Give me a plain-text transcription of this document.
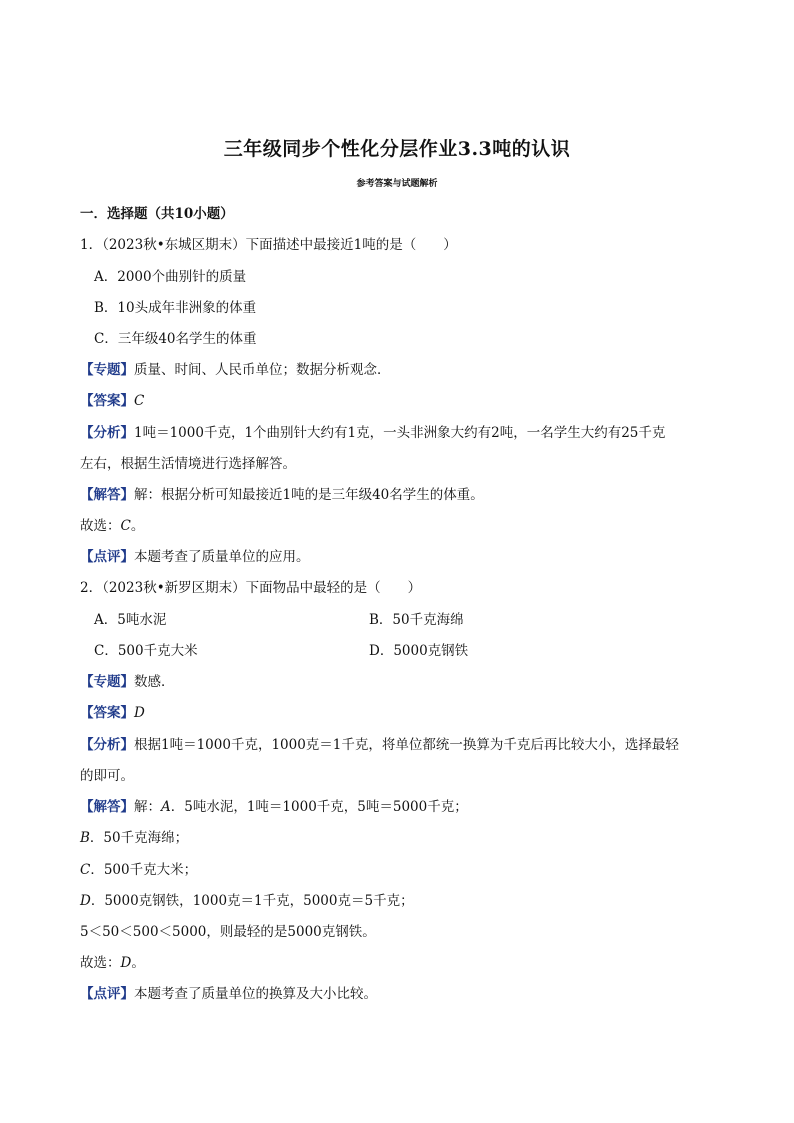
三年级同步个性化分层作业3.3吨的认识
参考答案与试题解析
一．选择题（共10小题）
1．（2023秋•东城区期末）下面描述中最接近1吨的是（　　）
A．2000个曲别针的质量
B．10头成年非洲象的体重
C．三年级40名学生的体重
【专题】质量、时间、人民币单位；数据分析观念．
【答案】C
【分析】1吨＝1000千克，1个曲别针大约有1克，一头非洲象大约有2吨，一名学生大约有25千克
左右，根据生活情境进行选择解答。
【解答】解：根据分析可知最接近1吨的是三年级40名学生的体重。
故选：C。
【点评】本题考查了质量单位的应用。
2．（2023秋•新罗区期末）下面物品中最轻的是（　　）
A．5吨水泥	B．50千克海绵
C．500千克大米	D．5000克钢铁
【专题】数感．
【答案】D
【分析】根据1吨＝1000千克，1000克＝1千克，将单位都统一换算为千克后再比较大小，选择最轻
的即可。
【解答】解：A．5吨水泥，1吨＝1000千克，5吨＝5000千克；
B．50千克海绵；
C．500千克大米；
D．5000克钢铁，1000克＝1千克，5000克＝5千克；
5＜50＜500＜5000，则最轻的是5000克钢铁。
故选：D。
【点评】本题考查了质量单位的换算及大小比较。
